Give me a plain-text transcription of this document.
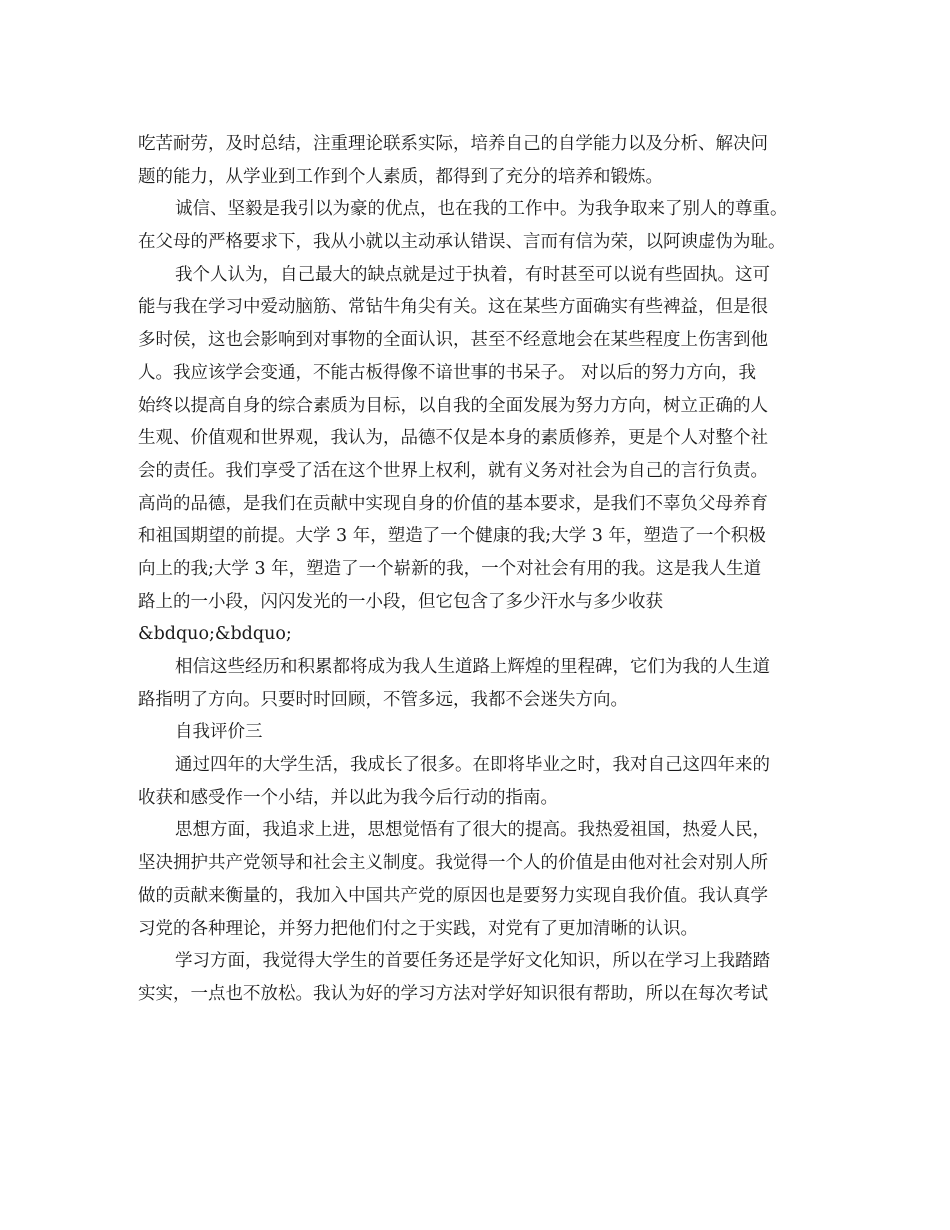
吃苦耐劳，及时总结，注重理论联系实际，培养自己的自学能力以及分析、解决问
题的能力，从学业到工作到个人素质，都得到了充分的培养和锻炼。
诚信、坚毅是我引以为豪的优点，也在我的工作中。为我争取来了别人的尊重。
在父母的严格要求下，我从小就以主动承认错误、言而有信为荣，以阿谀虚伪为耻。
我个人认为，自己最大的缺点就是过于执着，有时甚至可以说有些固执。这可
能与我在学习中爱动脑筋、常钻牛角尖有关。这在某些方面确实有些裨益，但是很
多时侯，这也会影响到对事物的全面认识，甚至不经意地会在某些程度上伤害到他
人。我应该学会变通，不能古板得像不谙世事的书呆子。 对以后的努力方向，我
始终以提高自身的综合素质为目标，以自我的全面发展为努力方向，树立正确的人
生观、价值观和世界观，我认为，品德不仅是本身的素质修养，更是个人对整个社
会的责任。我们享受了活在这个世界上权利，就有义务对社会为自己的言行负责。
高尚的品德，是我们在贡献中实现自身的价值的基本要求，是我们不辜负父母养育
和祖国期望的前提。大学 3 年，塑造了一个健康的我;大学 3 年，塑造了一个积极
向上的我;大学 3 年，塑造了一个崭新的我，一个对社会有用的我。这是我人生道
路上的一小段，闪闪发光的一小段，但它包含了多少汗水与多少收获
&bdquo;&bdquo;
相信这些经历和积累都将成为我人生道路上辉煌的里程碑，它们为我的人生道
路指明了方向。只要时时回顾，不管多远，我都不会迷失方向。
自我评价三
通过四年的大学生活，我成长了很多。在即将毕业之时，我对自己这四年来的
收获和感受作一个小结，并以此为我今后行动的指南。
思想方面，我追求上进，思想觉悟有了很大的提高。我热爱祖国，热爱人民，
坚决拥护共产党领导和社会主义制度。我觉得一个人的价值是由他对社会对别人所
做的贡献来衡量的，我加入中国共产党的原因也是要努力实现自我价值。我认真学
习党的各种理论，并努力把他们付之于实践，对党有了更加清晰的认识。
学习方面，我觉得大学生的首要任务还是学好文化知识，所以在学习上我踏踏
实实，一点也不放松。我认为好的学习方法对学好知识很有帮助，所以在每次考试
